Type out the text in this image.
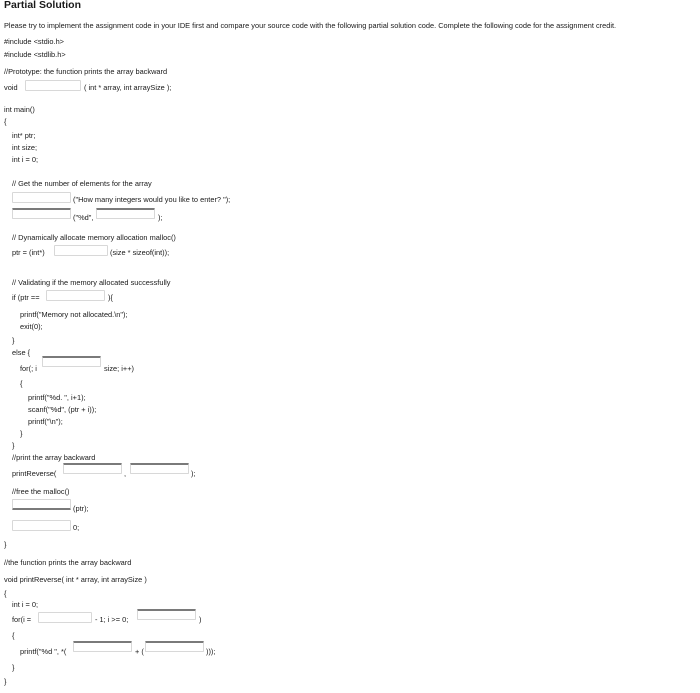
Partial Solution
Please try to implement the assignment code in your IDE first and compare your source code with the following partial solution code. Complete the following code for the assignment credit.
#include <stdio.h>
#include <stdlib.h>
//Prototype: the function prints the array backward
void	( int * array, int arraySize );
int main()
{
int* ptr;
int size;
int i = 0;
// Get the number of elements for the array
("How many integers would you like to enter? ");
("%d",	);
// Dynamically allocate memory allocation malloc()
ptr = (int*)	(size * sizeof(int));
// Validating if the memory allocated successfully
if (ptr ==	){
printf("Memory not allocated.\n");
exit(0);
}
else {
for(; i	size; i++)
{
printf("%d. ", i+1);
scanf("%d", (ptr + i));
printf("\n");
}
}
//print the array backward
printReverse(	,	);
//free the malloc()
(ptr);
0;
}
//the function prints the array backward
void printReverse( int * array, int arraySize )
{
int i = 0;
for(i =	- 1; i >= 0;	)
{
printf("%d ", *(	+ (	)));
}
}
